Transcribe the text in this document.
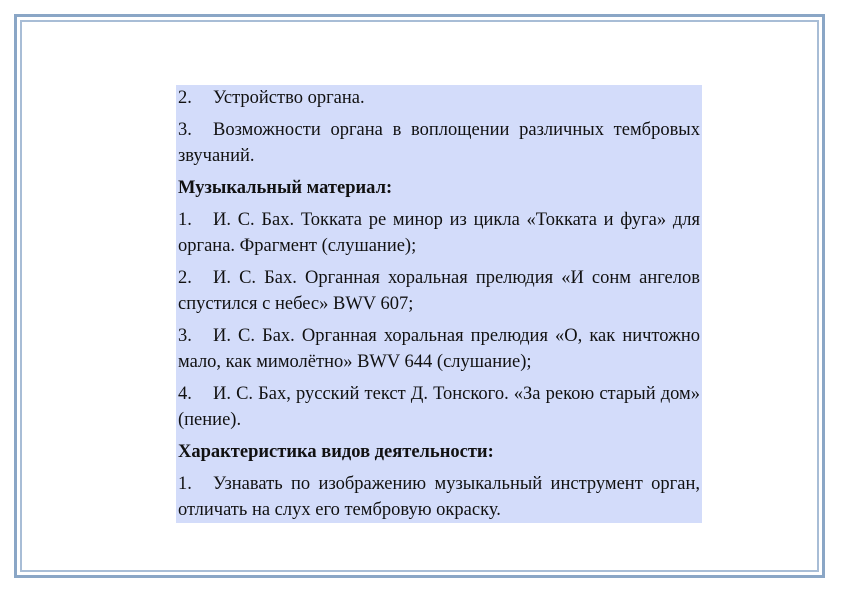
2. Устройство органа.

3. Возможности органа в воплощении различных тембровых звучаний.

Музыкальный материал:

1. И. С. Бах. Токката ре минор из цикла «Токката и фуга» для органа. Фрагмент (слушание);

2. И. С. Бах. Органная хоральная прелюдия «И сонм ангелов спустился с небес» BWV 607;

3. И. С. Бах. Органная хоральная прелюдия «О, как ничтожно мало, как мимолётно» BWV 644 (слушание);

4. И. С. Бах, русский текст Д. Тонского. «За рекою старый дом» (пение).

Характеристика видов деятельности:

1. Узнавать по изображению музыкальный инструмент орган, отличать на слух его тембровую окраску.
